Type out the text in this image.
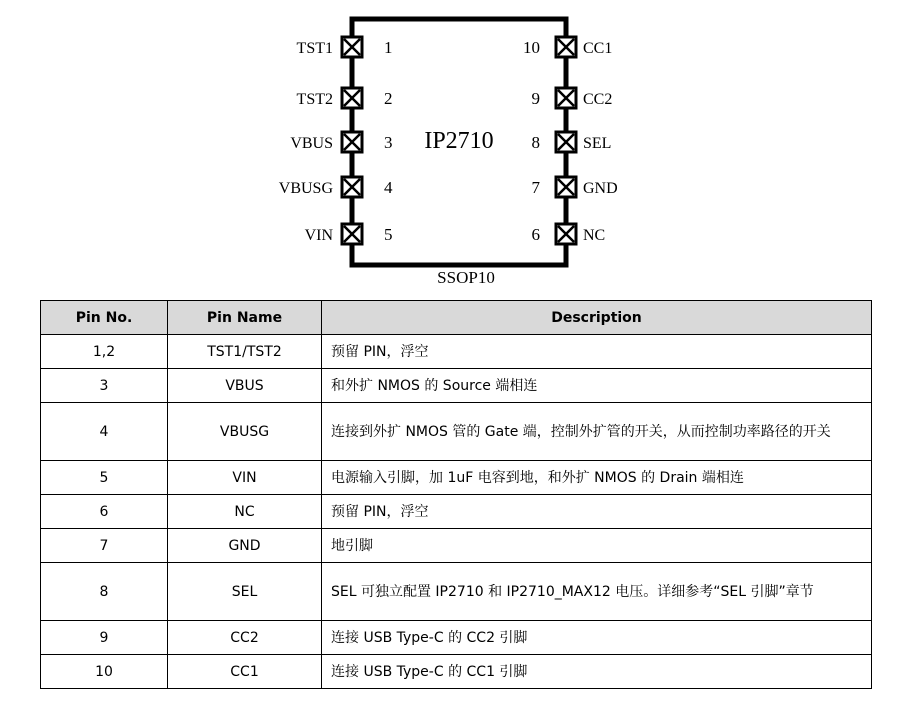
TST1	1
TST2	2
VBUS	3
VBUSG	4
VIN	5
CC1
10
CC2
9
SEL
8
GND
7
NC
6
IP2710
SSOP10
Pin No.	Pin Name	Description
1,2	TST1/TST2	预留 PIN，浮空
3	VBUS	和外扩 NMOS 的 Source 端相连
4	VBUSG	连接到外扩 NMOS 管的 Gate 端，控制外扩管的开关，从而控制功率路径的开关
5	VIN	电源输入引脚，加 1uF 电容到地，和外扩 NMOS 的 Drain 端相连
6	NC	预留 PIN，浮空
7	GND	地引脚
8	SEL	SEL 可独立配置 IP2710 和 IP2710_MAX12 电压。详细参考“SEL 引脚”章节
9	CC2	连接 USB Type-C 的 CC2 引脚
10	CC1	连接 USB Type-C 的 CC1 引脚
